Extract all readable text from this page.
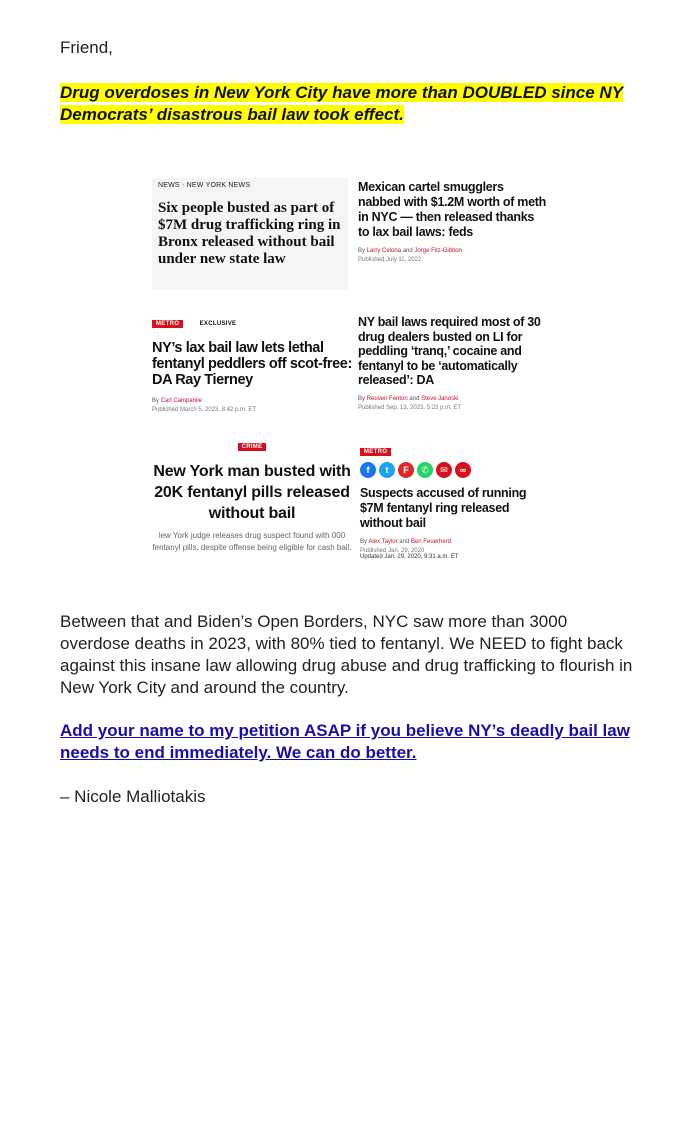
Friend,
Drug overdoses in New York City have more than DOUBLED since NY Democrats’ disastrous bail law took effect.
NEWS › NEW YORK NEWS
Six people busted as part of $7M drug trafficking ring in Bronx released without bail under new state law
Mexican cartel smugglers nabbed with $1.2M worth of meth in NYC — then released thanks to lax bail laws: feds
By Larry Celona and Jorge Fitz-Gibbon
Published July 11, 2022
METRO	EXCLUSIVE
NY’s lax bail law lets lethal fentanyl peddlers off scot-free: DA Ray Tierney
By Carl Campanile
Published March 5, 2023, 8:42 p.m. ET
NY bail laws required most of 30 drug dealers busted on LI for peddling ‘tranq,’ cocaine and fentanyl to be ‘automatically released’: DA
By Reuven Fenton and Steve Janoski
Published Sep. 13, 2023, 5:23 p.m. ET
CRIME
New York man busted with 20K fentanyl pills released without bail
lew York judge releases drug suspect found with 000 fentanyl pills, despite offense being eligible for cash bail.
METRO
f	t	F	✆	✉	∞
Suspects accused of running $7M fentanyl ring released without bail
By Alex Taylor and Ben Feuerherd
Published Jan. 29, 2020
Updated Jan. 29, 2020, 9:31 a.m. ET
Between that and Biden’s Open Borders, NYC saw more than 3000 overdose deaths in 2023, with 80% tied to fentanyl. We NEED to fight back against this insane law allowing drug abuse and drug trafficking to flourish in New York City and around the country.
Add your name to my petition ASAP if you believe NY’s deadly bail law needs to end immediately. We can do better.
– Nicole Malliotakis
